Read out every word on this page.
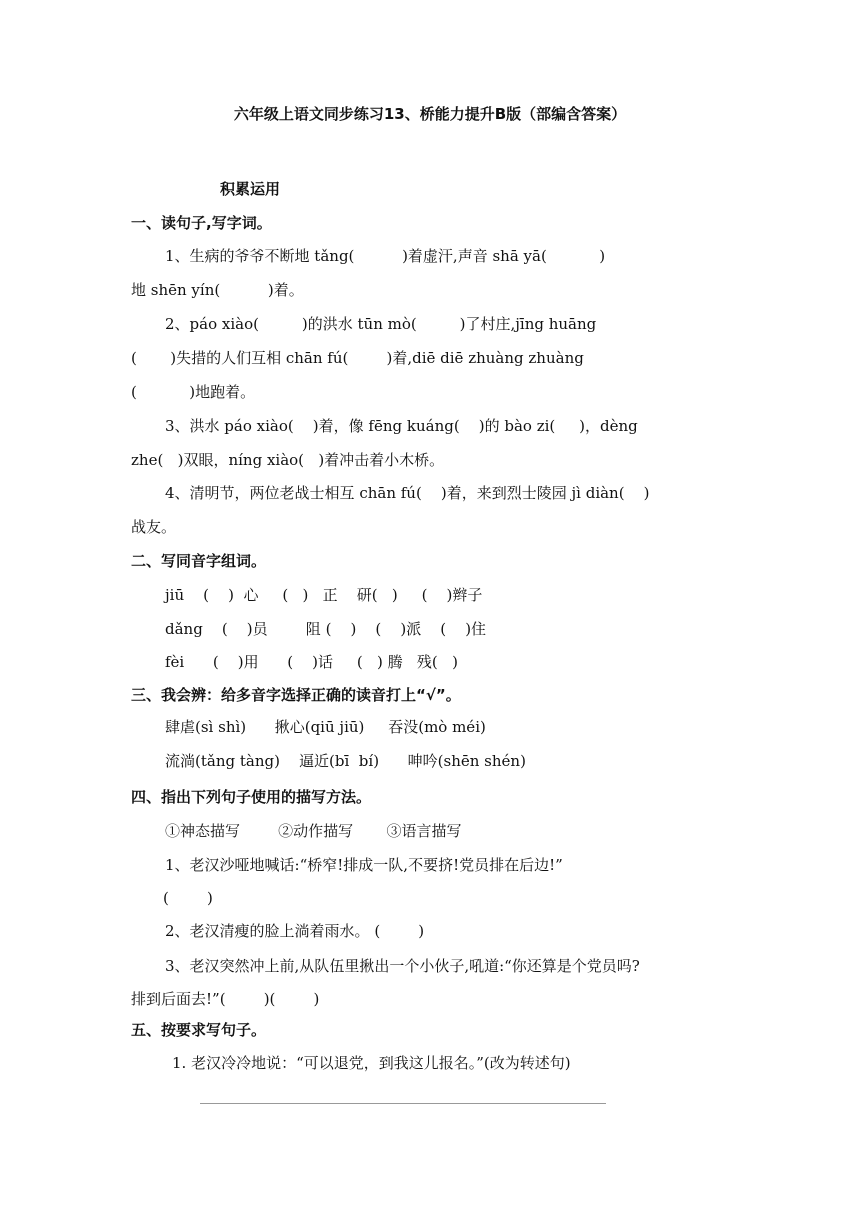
六年级上语文同步练习13、桥能力提升B版（部编含答案）
积累运用
一、读句子,写字词。
1、生病的爷爷不断地 tǎng(          )着虚汗,声音 shā yā(           )
地 shēn yín(          )着。
2、páo xiào(         )的洪水 tūn mò(         )了村庄,jīng huāng
(       )失措的人们互相 chān fú(        )着,diē diē zhuàng zhuàng
(           )地跑着。
3、洪水 páo xiào(    )着，像 fēng kuáng(    )的 bào zi(     )，dèng
zhe(   )双眼，níng xiào(   )着冲击着小木桥。
4、清明节，两位老战士相互 chān fú(    )着，来到烈士陵园 jì diàn(    )
战友。
二、写同音字组词。
jiū    (    )  心     (   )   正    研(   )     (    )辫子
dǎng    (    )员        阻 (    )    (    )派    (    )住
fèi      (    )用      (    )话     (   ) 腾   残(   )
三、我会辨：给多音字选择正确的读音打上“√”。
肆虐(sì shì)      揪心(qiū jiū)     吞没(mò méi)
流淌(tǎng tàng)    逼近(bī  bí)      呻吟(shēn shén)
四、指出下列句子使用的描写方法。
①神态描写        ②动作描写       ③语言描写
1、老汉沙哑地喊话:“桥窄!排成一队,不要挤!党员排在后边!”
(        )
2、老汉清瘦的脸上淌着雨水。 (        )
3、老汉突然冲上前,从队伍里揪出一个小伙子,吼道:“你还算是个党员吗?
排到后面去!”(        )(        )
五、按要求写句子。
1. 老汉冷冷地说：“可以退党，到我这儿报名。”(改为转述句)
